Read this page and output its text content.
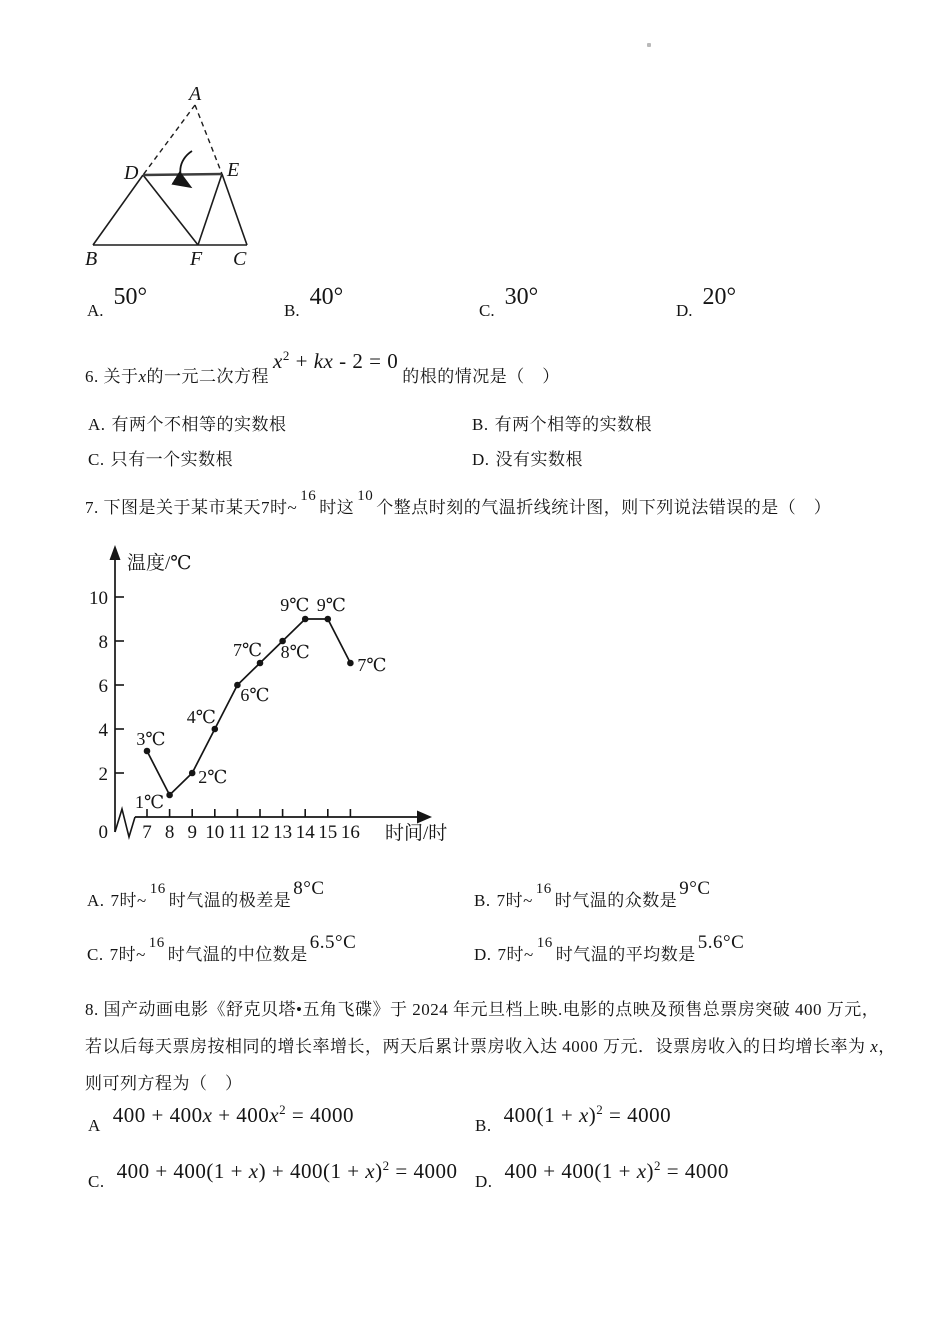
A
D	E
B	F C
A.50°
B.40°
C.30°
D.20°
6. 关于x的一元二次方程$x^2$ + kx - 2 = 0的根的情况是（　）
A. 有两个不相等的实数根	B. 有两个相等的实数根
C. 只有一个实数根	D. 没有实数根
7. 下图是关于某市某天7时~16时这10个整点时刻的气温折线统计图，则下列说法错误的是（　）
温度/℃
时间/时
0
2
4
6
8
10
7 8 9 10 11 12 13 14 15 16
3℃
1℃
2℃
4℃
6℃
7℃ 8℃
9℃ 9℃
7℃
A. 7时~16时气温的极差是8°C
B. 7时~16时气温的众数是9°C
C. 7时~16时气温的中位数是6.5°C
D. 7时~16时气温的平均数是5.6°C
8. 国产动画电影《舒克贝塔•五角飞碟》于 2024 年元旦档上映.电影的点映及预售总票房突破 400 万元，
若以后每天票房按相同的增长率增长，两天后累计票房收入达 4000 万元．设票房收入的日均增长率为 x，
则可列方程为（　）
A $400 + 400x + 400x^2 = 4000$	B. $400(1 + x)^2 = 4000$
C. $400 + 400(1 + x) + 400(1 + x)^2 = 4000$ D. $400 + 400(1 + x)^2 = 4000$
